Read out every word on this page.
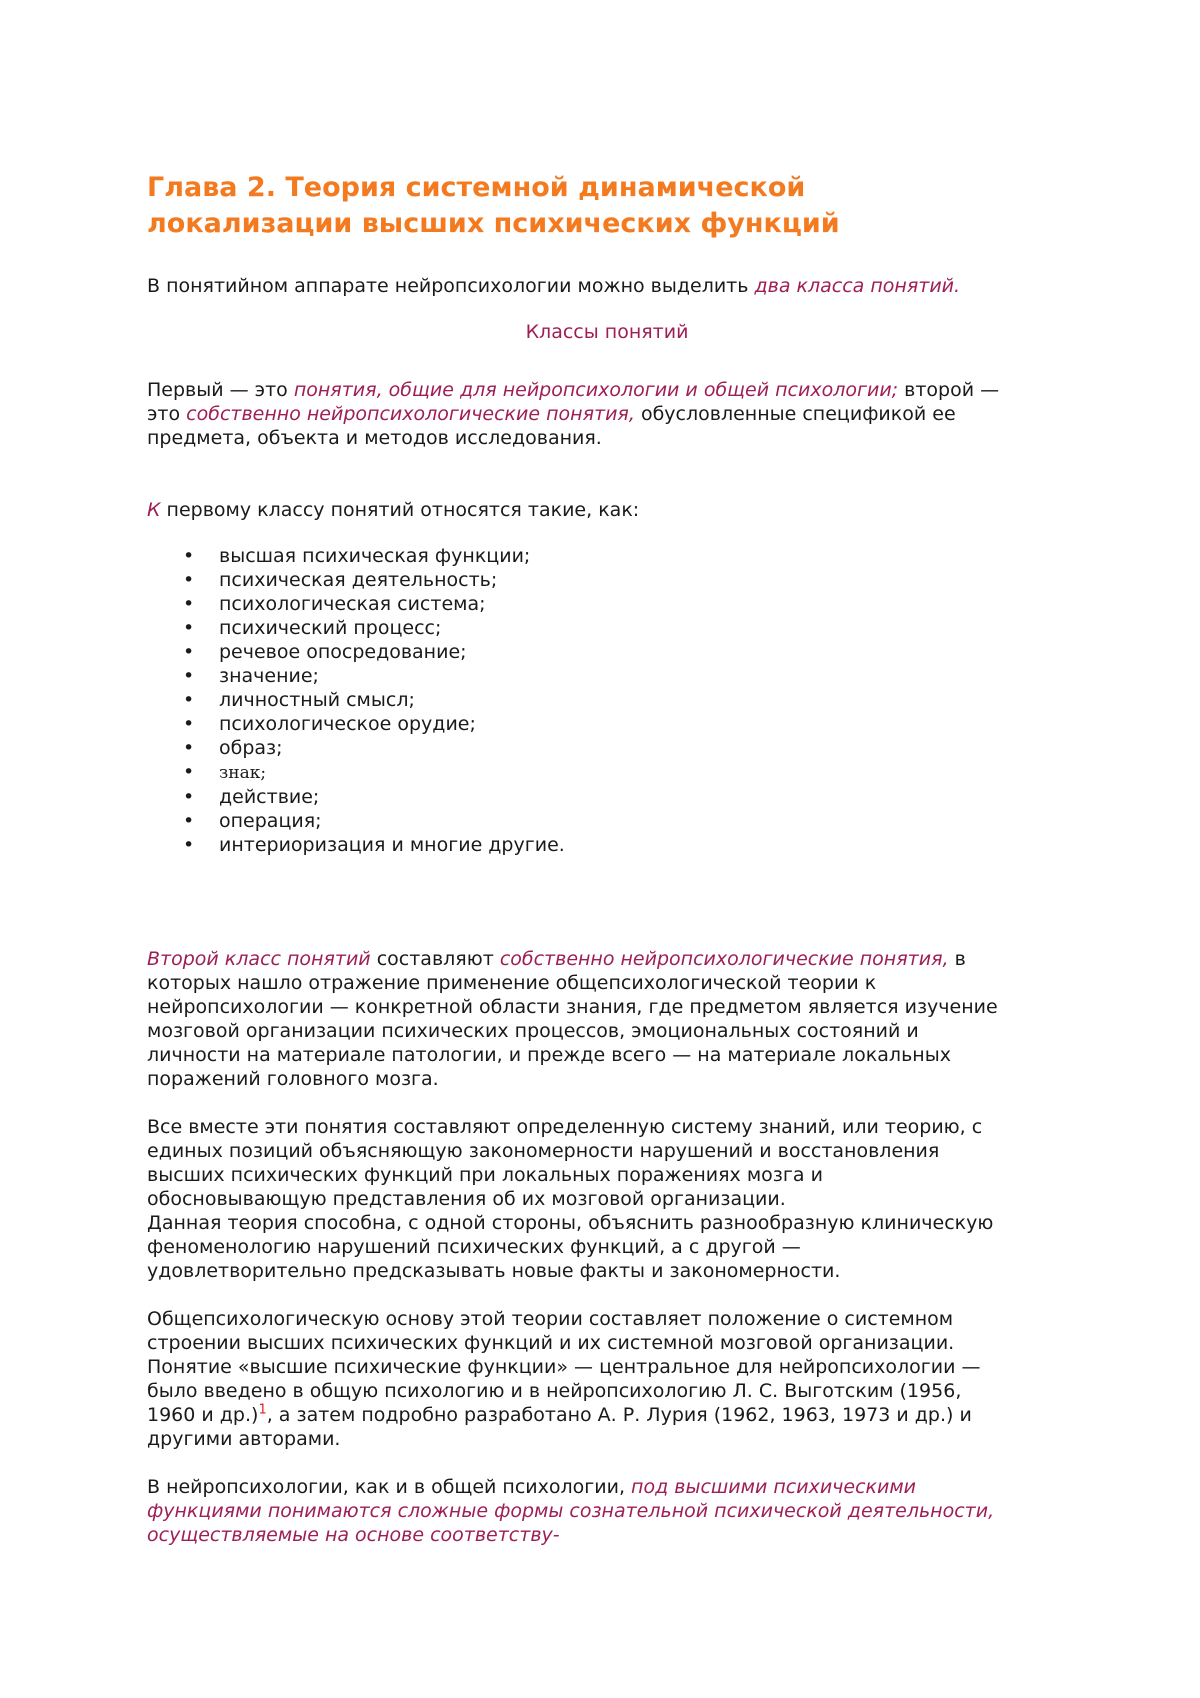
Глава 2. Теория системной динамической
локализации высших психических функций

В понятийном аппарате нейропсихологии можно выделить два класса понятий.

Классы понятий

Первый — это понятия, общие для нейропсихологии и общей психологии; второй —
это собственно нейропсихологические понятия, обусловленные спецификой ее
предмета, объекта и методов исследования.

К первому классу понятий относятся такие, как:

• высшая психическая функции;
• психическая деятельность;
• психологическая система;
• психический процесс;
• речевое опосредование;
• значение;
• личностный смысл;
• психологическое орудие;
• образ;
• знак;
• действие;
• операция;
• интериоризация и многие другие.

Второй класс понятий составляют собственно нейропсихологические понятия, в
которых нашло отражение применение общепсихологической теории к
нейропсихологии — конкретной области знания, где предметом является изучение
мозговой организации психических процессов, эмоциональных состояний и
личности на материале патологии, и прежде всего — на материале локальных
поражений головного мозга.

Все вместе эти понятия составляют определенную систему знаний, или теорию, с
единых позиций объясняющую закономерности нарушений и восстановления
высших психических функций при локальных поражениях мозга и
обосновывающую представления об их мозговой организации.
Данная теория способна, с одной стороны, объяснить разнообразную клиническую
феноменологию нарушений психических функций, а с другой —
удовлетворительно предсказывать новые факты и закономерности.

Общепсихологическую основу этой теории составляет положение о системном
строении высших психических функций и их системной мозговой организации.
Понятие «высшие психические функции» — центральное для нейропсихологии —
было введено в общую психологию и в нейропсихологию Л. С. Выготским (1956,
1960 и др.)$^1$, а затем подробно разработано А. Р. Лурия (1962, 1963, 1973 и др.) и
другими авторами.

В нейропсихологии, как и в общей психологии, под высшими психическими
функциями понимаются сложные формы сознательной психической деятельности,
осуществляемые на основе соответству-
